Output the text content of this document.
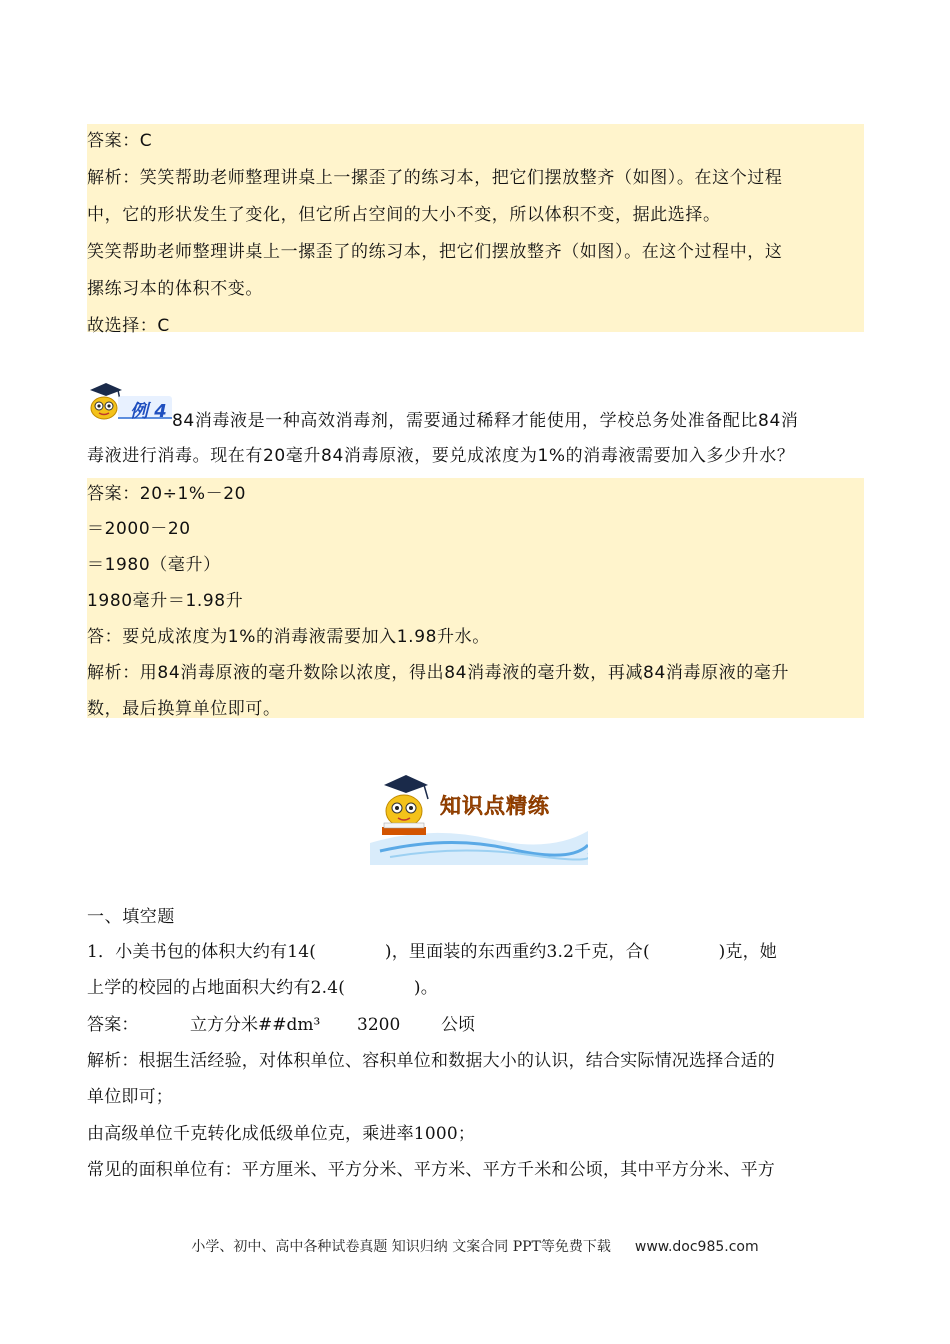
答案：C
解析：笑笑帮助老师整理讲桌上一摞歪了的练习本，把它们摆放整齐（如图）。在这个过程
中，它的形状发生了变化，但它所占空间的大小不变，所以体积不变，据此选择。
笑笑帮助老师整理讲桌上一摞歪了的练习本，把它们摆放整齐（如图）。在这个过程中，这
摞练习本的体积不变。
故选择：C
例 4 84消毒液是一种高效消毒剂，需要通过稀释才能使用，学校总务处准备配比84消
毒液进行消毒。现在有20毫升84消毒原液，要兑成浓度为1%的消毒液需要加入多少升水？
答案：20÷1%－20
＝2000－20
＝1980（毫升）
1980毫升＝1.98升
答：要兑成浓度为1%的消毒液需要加入1.98升水。
解析：用84消毒原液的毫升数除以浓度，得出84消毒液的毫升数，再减84消毒原液的毫升
数，最后换算单位即可。
知识点精练
一、填空题
1．小美书包的体积大约有14(　　　　)，里面装的东西重约3.2千克，合(　　　　)克，她
上学的校园的占地面积大约有2.4(　　　　)。
答案：	立方分米##dm³ 3200 公顷
解析：根据生活经验，对体积单位、容积单位和数据大小的认识，结合实际情况选择合适的
单位即可；
由高级单位千克转化成低级单位克，乘进率1000；
常见的面积单位有：平方厘米、平方分米、平方米、平方千米和公顷，其中平方分米、平方
小学、初中、高中各种试卷真题 知识归纳 文案合同 PPT等免费下载 www.doc985.com
